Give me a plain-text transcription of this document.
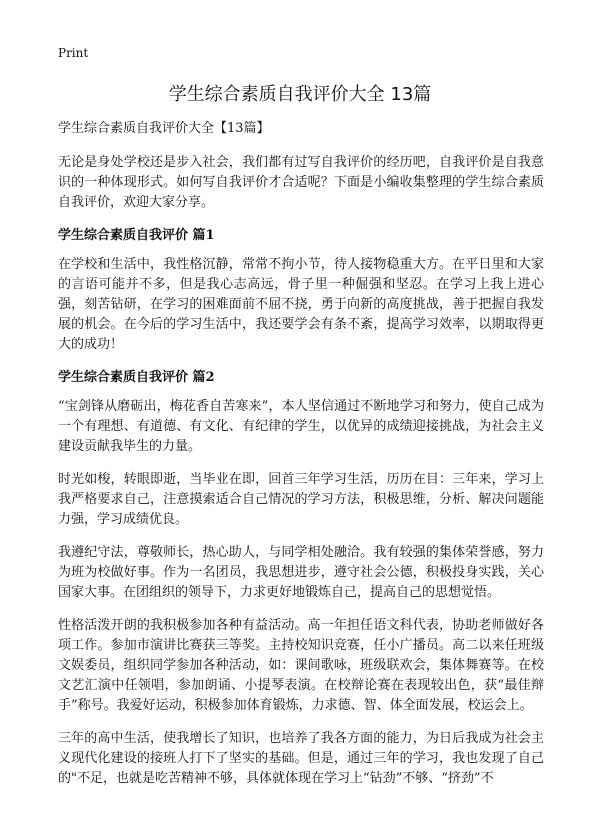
Print
学生综合素质自我评价大全 13篇
学生综合素质自我评价大全【13篇】
无论是身处学校还是步入社会，我们都有过写自我评价的经历吧，自我评价是自我意识的一种体现形式。如何写自我评价才合适呢？下面是小编收集整理的学生综合素质自我评价，欢迎大家分享。
学生综合素质自我评价 篇1
在学校和生活中，我性格沉静，常常不拘小节，待人接物稳重大方。在平日里和大家的言语可能并不多，但是我心志高远，骨子里一种倔强和坚忍。在学习上我上进心强，刻苦钻研，在学习的困难面前不屈不挠，勇于向新的高度挑战，善于把握自我发展的机会。在今后的学习生活中，我还要学会有条不紊，提高学习效率，以期取得更大的成功！
学生综合素质自我评价 篇2
“宝剑锋从磨砺出，梅花香自苦寒来”，本人坚信通过不断地学习和努力，使自己成为一个有理想、有道德、有文化、有纪律的学生，以优异的成绩迎接挑战，为社会主义建设贡献我毕生的力量。
时光如梭，转眼即逝，当毕业在即，回首三年学习生活，历历在目：三年来，学习上我严格要求自己，注意摸索适合自己情况的学习方法，积极思维，分析、解决问题能力强，学习成绩优良。
我遵纪守法，尊敬师长，热心助人，与同学相处融洽。我有较强的集体荣誉感，努力为班为校做好事。作为一名团员，我思想进步，遵守社会公德，积极投身实践，关心国家大事。在团组织的领导下，力求更好地锻炼自己，提高自己的思想觉悟。
性格活泼开朗的我积极参加各种有益活动。高一年担任语文科代表，协助老师做好各项工作。参加市演讲比赛获三等奖。主持校知识竞赛，任小广播员。高二以来任班级文娱委员，组织同学参加各种活动，如：课间歌咏，班级联欢会，集体舞赛等。在校文艺汇演中任领唱，参加朗诵、小提琴表演。在校辩论赛在表现较出色，获“最佳辩手”称号。我爱好运动，积极参加体育锻炼，力求德、智、体全面发展，校运会上。
三年的高中生活，使我增长了知识，也培养了我各方面的能力，为日后我成为社会主义现代化建设的接班人打下了坚实的基础。但是，通过三年的学习，我也发现了自己的"不足，也就是吃苦精神不够，具体就体现在学习上“钻劲”不够、“挤劲”不
